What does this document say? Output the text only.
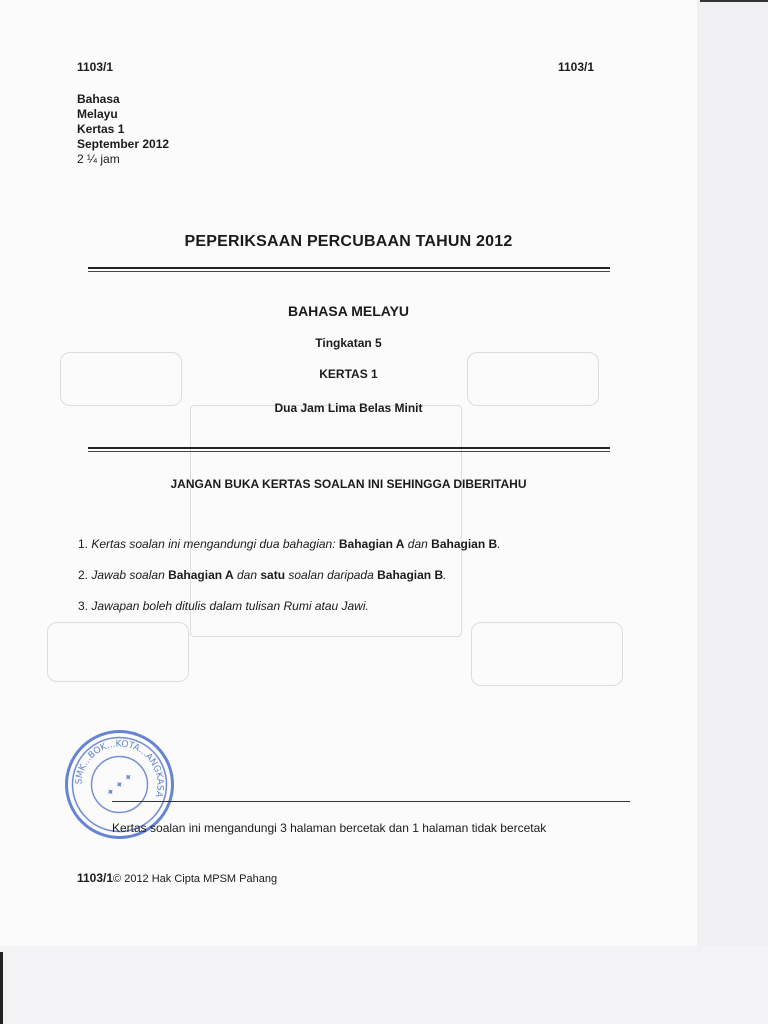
1103/1	1103/1
Bahasa
Melayu
Kertas 1
September 2012
2 ¼ jam
PEPERIKSAAN PERCUBAAN TAHUN 2012
BAHASA MELAYU
Tingkatan 5
KERTAS 1
Dua Jam Lima Belas Minit
JANGAN BUKA KERTAS SOALAN INI SEHINGGA DIBERITAHU
1. Kertas soalan ini mengandungi dua bahagian: Bahagian A dan Bahagian B.
2. Jawab soalan Bahagian A dan satu soalan daripada Bahagian B.
3. Jawapan boleh ditulis dalam tulisan Rumi atau Jawi.
SMK...BOK...KOTA...ANGKASA
✦ ✦ ✦
Kertas soalan ini mengandungi 3 halaman bercetak dan 1 halaman tidak bercetak
1103/1© 2012 Hak Cipta MPSM Pahang
